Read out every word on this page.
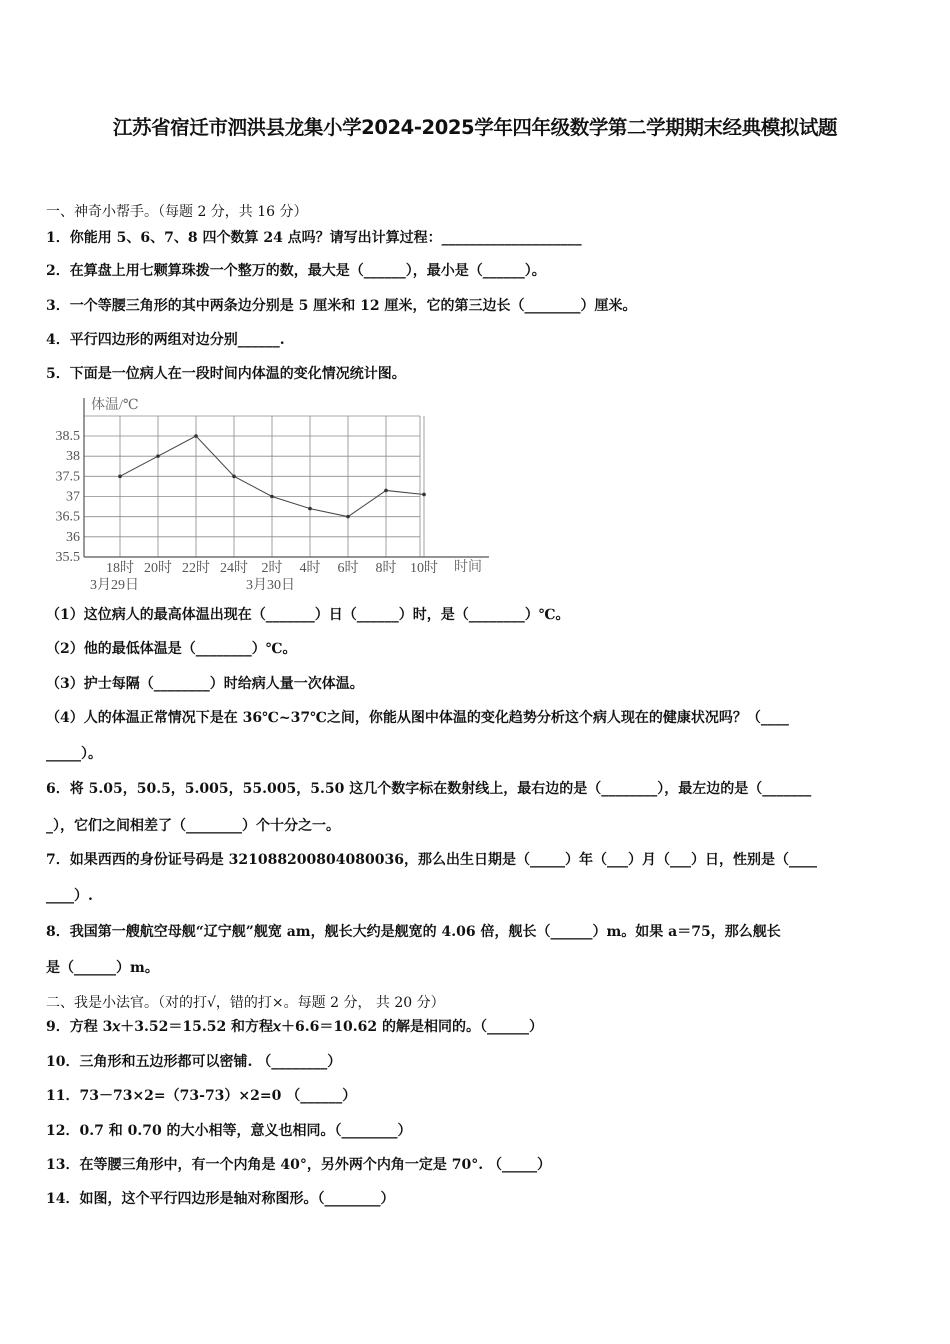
江苏省宿迁市泗洪县龙集小学2024-2025学年四年级数学第二学期期末经典模拟试题
一、神奇小帮手。（每题 2 分，共 16 分）
1．你能用 5、6、7、8 四个数算 24 点吗？请写出计算过程：____________________
2．在算盘上用七颗算珠拨一个整万的数，最大是（______），最小是（______）。
3．一个等腰三角形的其中两条边分别是 5 厘米和 12 厘米，它的第三边长（________）厘米。
4．平行四边形的两组对边分别______.
5．下面是一位病人在一段时间内体温的变化情况统计图。
体温/℃
时间
38.5
38
37.5
37
36.5
36
35.5
18时 20时 22时 24时 2时 4时 6时 8时 10时
3月29日	3月30日
（1）这位病人的最高体温出现在（_______）日（______）时，是（________）℃。
（2）他的最低体温是（________）℃。
（3）护士每隔（________）时给病人量一次体温。
（4）人的体温正常情况下是在 36℃~37℃之间，你能从图中体温的变化趋势分析这个病人现在的健康状况吗？（____
_____）。
6．将 5.05，50.5，5.005，55.005，5.50 这几个数字标在数射线上，最右边的是（________），最左边的是（_______
_），它们之间相差了（________）个十分之一。
7．如果西西的身份证号码是 321088200804080036，那么出生日期是（_____）年（___）月（___）日，性别是（____
____）.
8．我国第一艘航空母舰“辽宁舰”舰宽 am，舰长大约是舰宽的 4.06 倍，舰长（______）m。如果 a＝75，那么舰长
是（______）m。
二、我是小法官。（对的打√，错的打×。每题 2 分， 共 20 分）
9．方程 3𝑥＋3.52＝15.52 和方程𝑥＋6.6＝10.62 的解是相同的。（______）
10．三角形和五边形都可以密铺. （________）
11．73－73×2=（73-73）×2=0 （______）
12．0.7 和 0.70 的大小相等，意义也相同。（________）
13．在等腰三角形中，有一个内角是 40°，另外两个内角一定是 70°. （_____）
14．如图，这个平行四边形是轴对称图形。（________）
